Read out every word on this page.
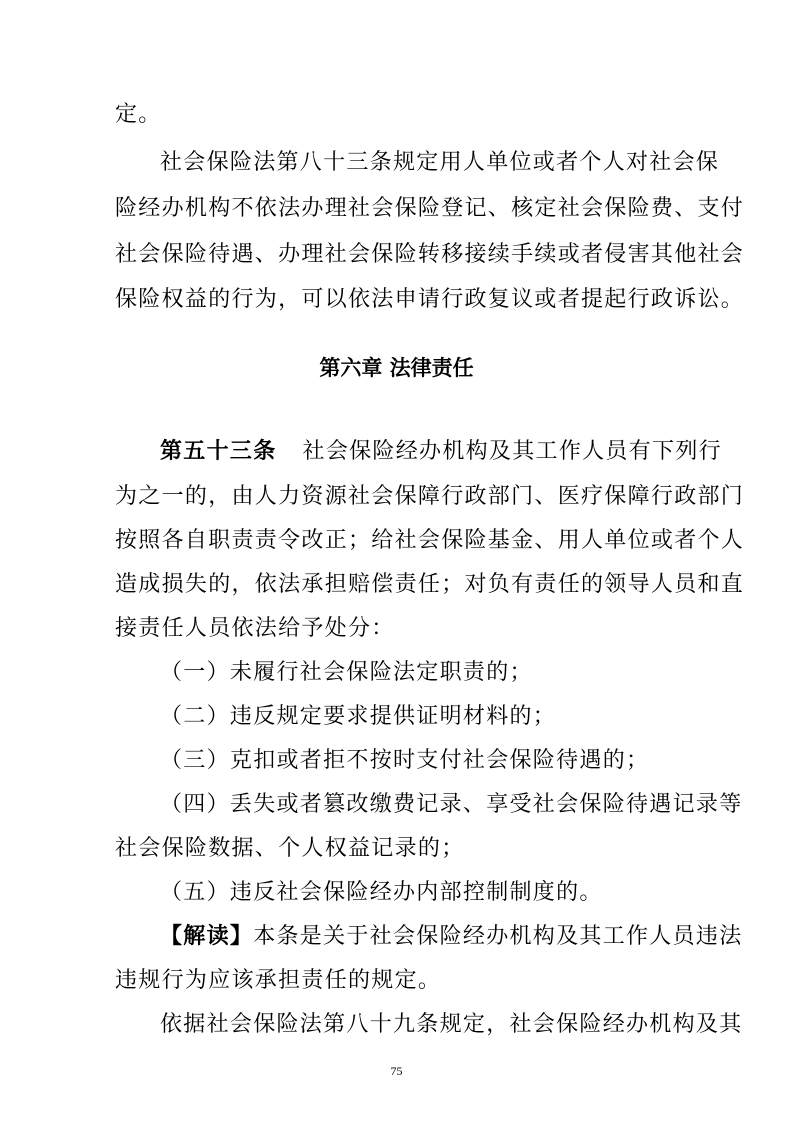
定。
社会保险法第八十三条规定用人单位或者个人对社会保
险经办机构不依法办理社会保险登记、核定社会保险费、支付
社会保险待遇、办理社会保险转移接续手续或者侵害其他社会
保险权益的行为，可以依法申请行政复议或者提起行政诉讼。
第六章 法律责任
第五十三条 社会保险经办机构及其工作人员有下列行
为之一的，由人力资源社会保障行政部门、医疗保障行政部门
按照各自职责责令改正；给社会保险基金、用人单位或者个人
造成损失的，依法承担赔偿责任；对负有责任的领导人员和直
接责任人员依法给予处分：
（一）未履行社会保险法定职责的；
（二）违反规定要求提供证明材料的；
（三）克扣或者拒不按时支付社会保险待遇的；
（四）丢失或者篡改缴费记录、享受社会保险待遇记录等
社会保险数据、个人权益记录的；
（五）违反社会保险经办内部控制制度的。
【解读】本条是关于社会保险经办机构及其工作人员违法
违规行为应该承担责任的规定。
依据社会保险法第八十九条规定，社会保险经办机构及其
75
